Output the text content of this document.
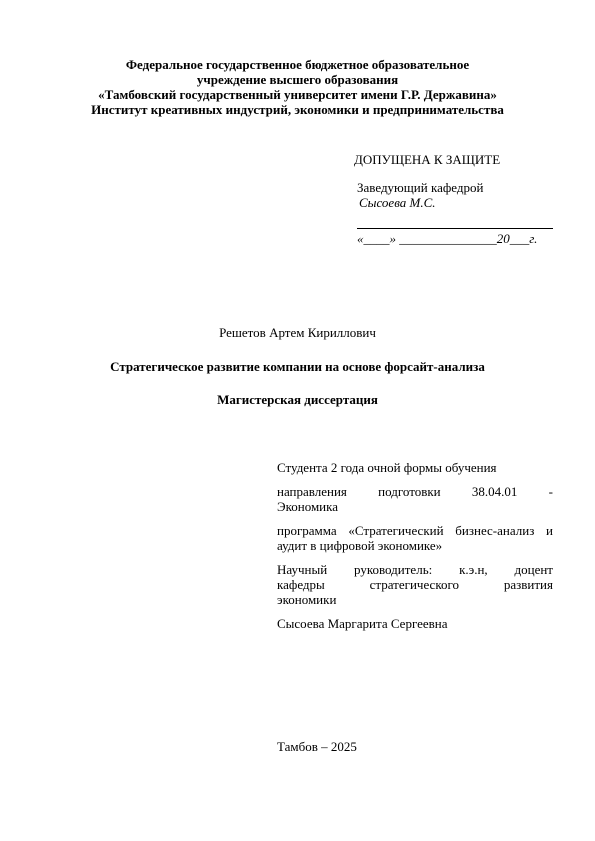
Федеральное государственное бюджетное образовательное
учреждение высшего образования
«Тамбовский государственный университет имени Г.Р. Державина»
Институт креативных индустрий, экономики и предпринимательства
ДОПУЩЕНА К ЗАЩИТЕ
Заведующий кафедрой
Сысоева М.С.
«____» _______________20___г.
Решетов Артем Кириллович
Стратегическое развитие компании на основе форсайт-анализа
Магистерская диссертация

Студента 2 года очной формы обучения

направления подготовки 38.04.01 -
Экономика

программа «Стратегический бизнес-анализ и аудит в цифровой экономике»

Научный руководитель: к.э.н, доцент
кафедры стратегического развития
экономики

Сысоева Маргарита Сергеевна

Тамбов – 2025
